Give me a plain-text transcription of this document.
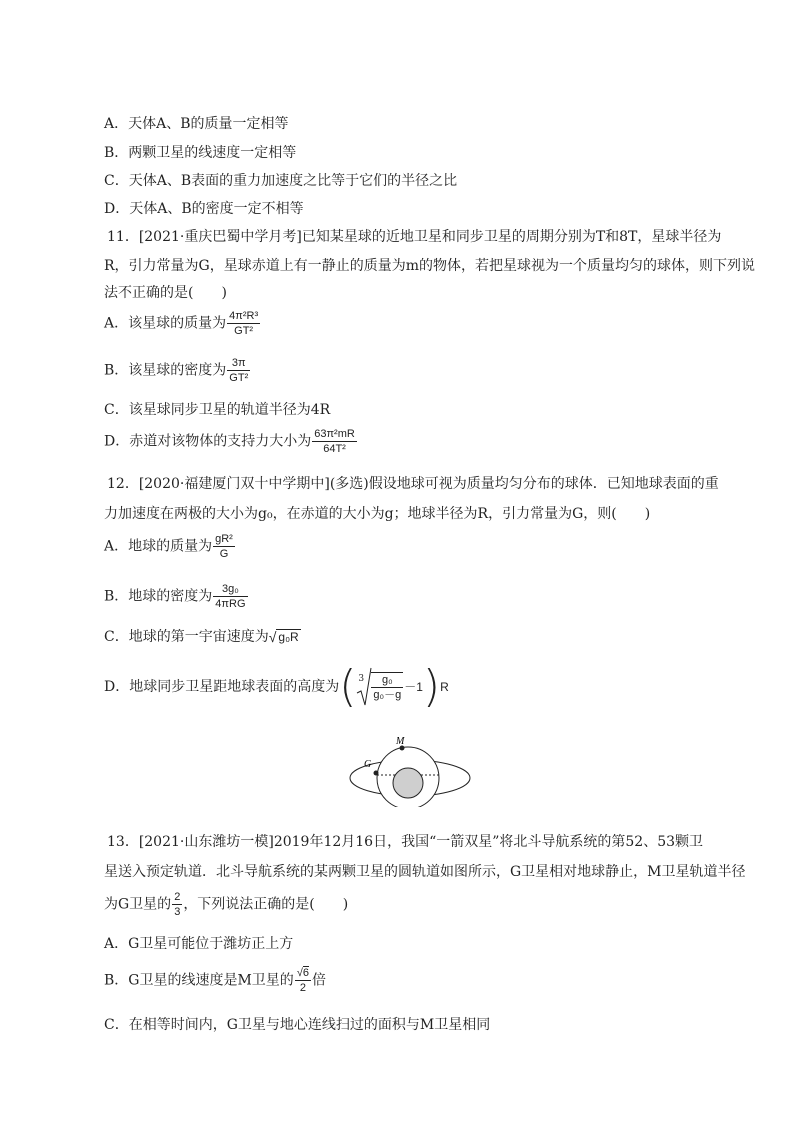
A．天体A、B的质量一定相等
B．两颗卫星的线速度一定相等
C．天体A、B表面的重力加速度之比等于它们的半径之比
D．天体A、B的密度一定不相等
11．[2021·重庆巴蜀中学月考]已知某星球的近地卫星和同步卫星的周期分别为T和8T，星球半径为
R，引力常量为G，星球赤道上有一静止的质量为m的物体，若把星球视为一个质量均匀的球体，则下列说
法不正确的是(　　)
A．该星球的质量为 $\frac{\text{4π²R³}}{\text{GT²}}$
B．该星球的密度为 $\frac{3\pi}{\text{GT²}}$
C．该星球同步卫星的轨道半径为4R
D．赤道对该物体的支持力大小为 $\frac{\text{63π²mR}}{\text{64T²}}$
12．[2020·福建厦门双十中学期中](多选)假设地球可视为质量均匀分布的球体．已知地球表面的重
力加速度在两极的大小为g₀，在赤道的大小为g；地球半径为R，引力常量为G，则(　　)
A．地球的质量为 $\frac{\text{gR²}}{G}$
B．地球的密度为 $\frac{\text{3g₀}}{\text{4πRG}}$
C．地球的第一宇宙速度为√ g₀R
D．地球同步卫星距地球表面的高度为( $3 \frac{\text{g₀}}{\text{g₀－g}} -1)R$
G
M
13．[2021·山东潍坊一模]2019年12月16日，我国“一箭双星”将北斗导航系统的第52、53颗卫
星送入预定轨道．北斗导航系统的某两颗卫星的圆轨道如图所示，G卫星相对地球静止，M卫星轨道半径
为G卫星的 $\frac{2}{3}$ ，下列说法正确的是(　　)
A．G卫星可能位于潍坊正上方
B．G卫星的线速度是M卫星的 $\frac{√6}{2}$ 倍
C．在相等时间内，G卫星与地心连线扫过的面积与M卫星相同
